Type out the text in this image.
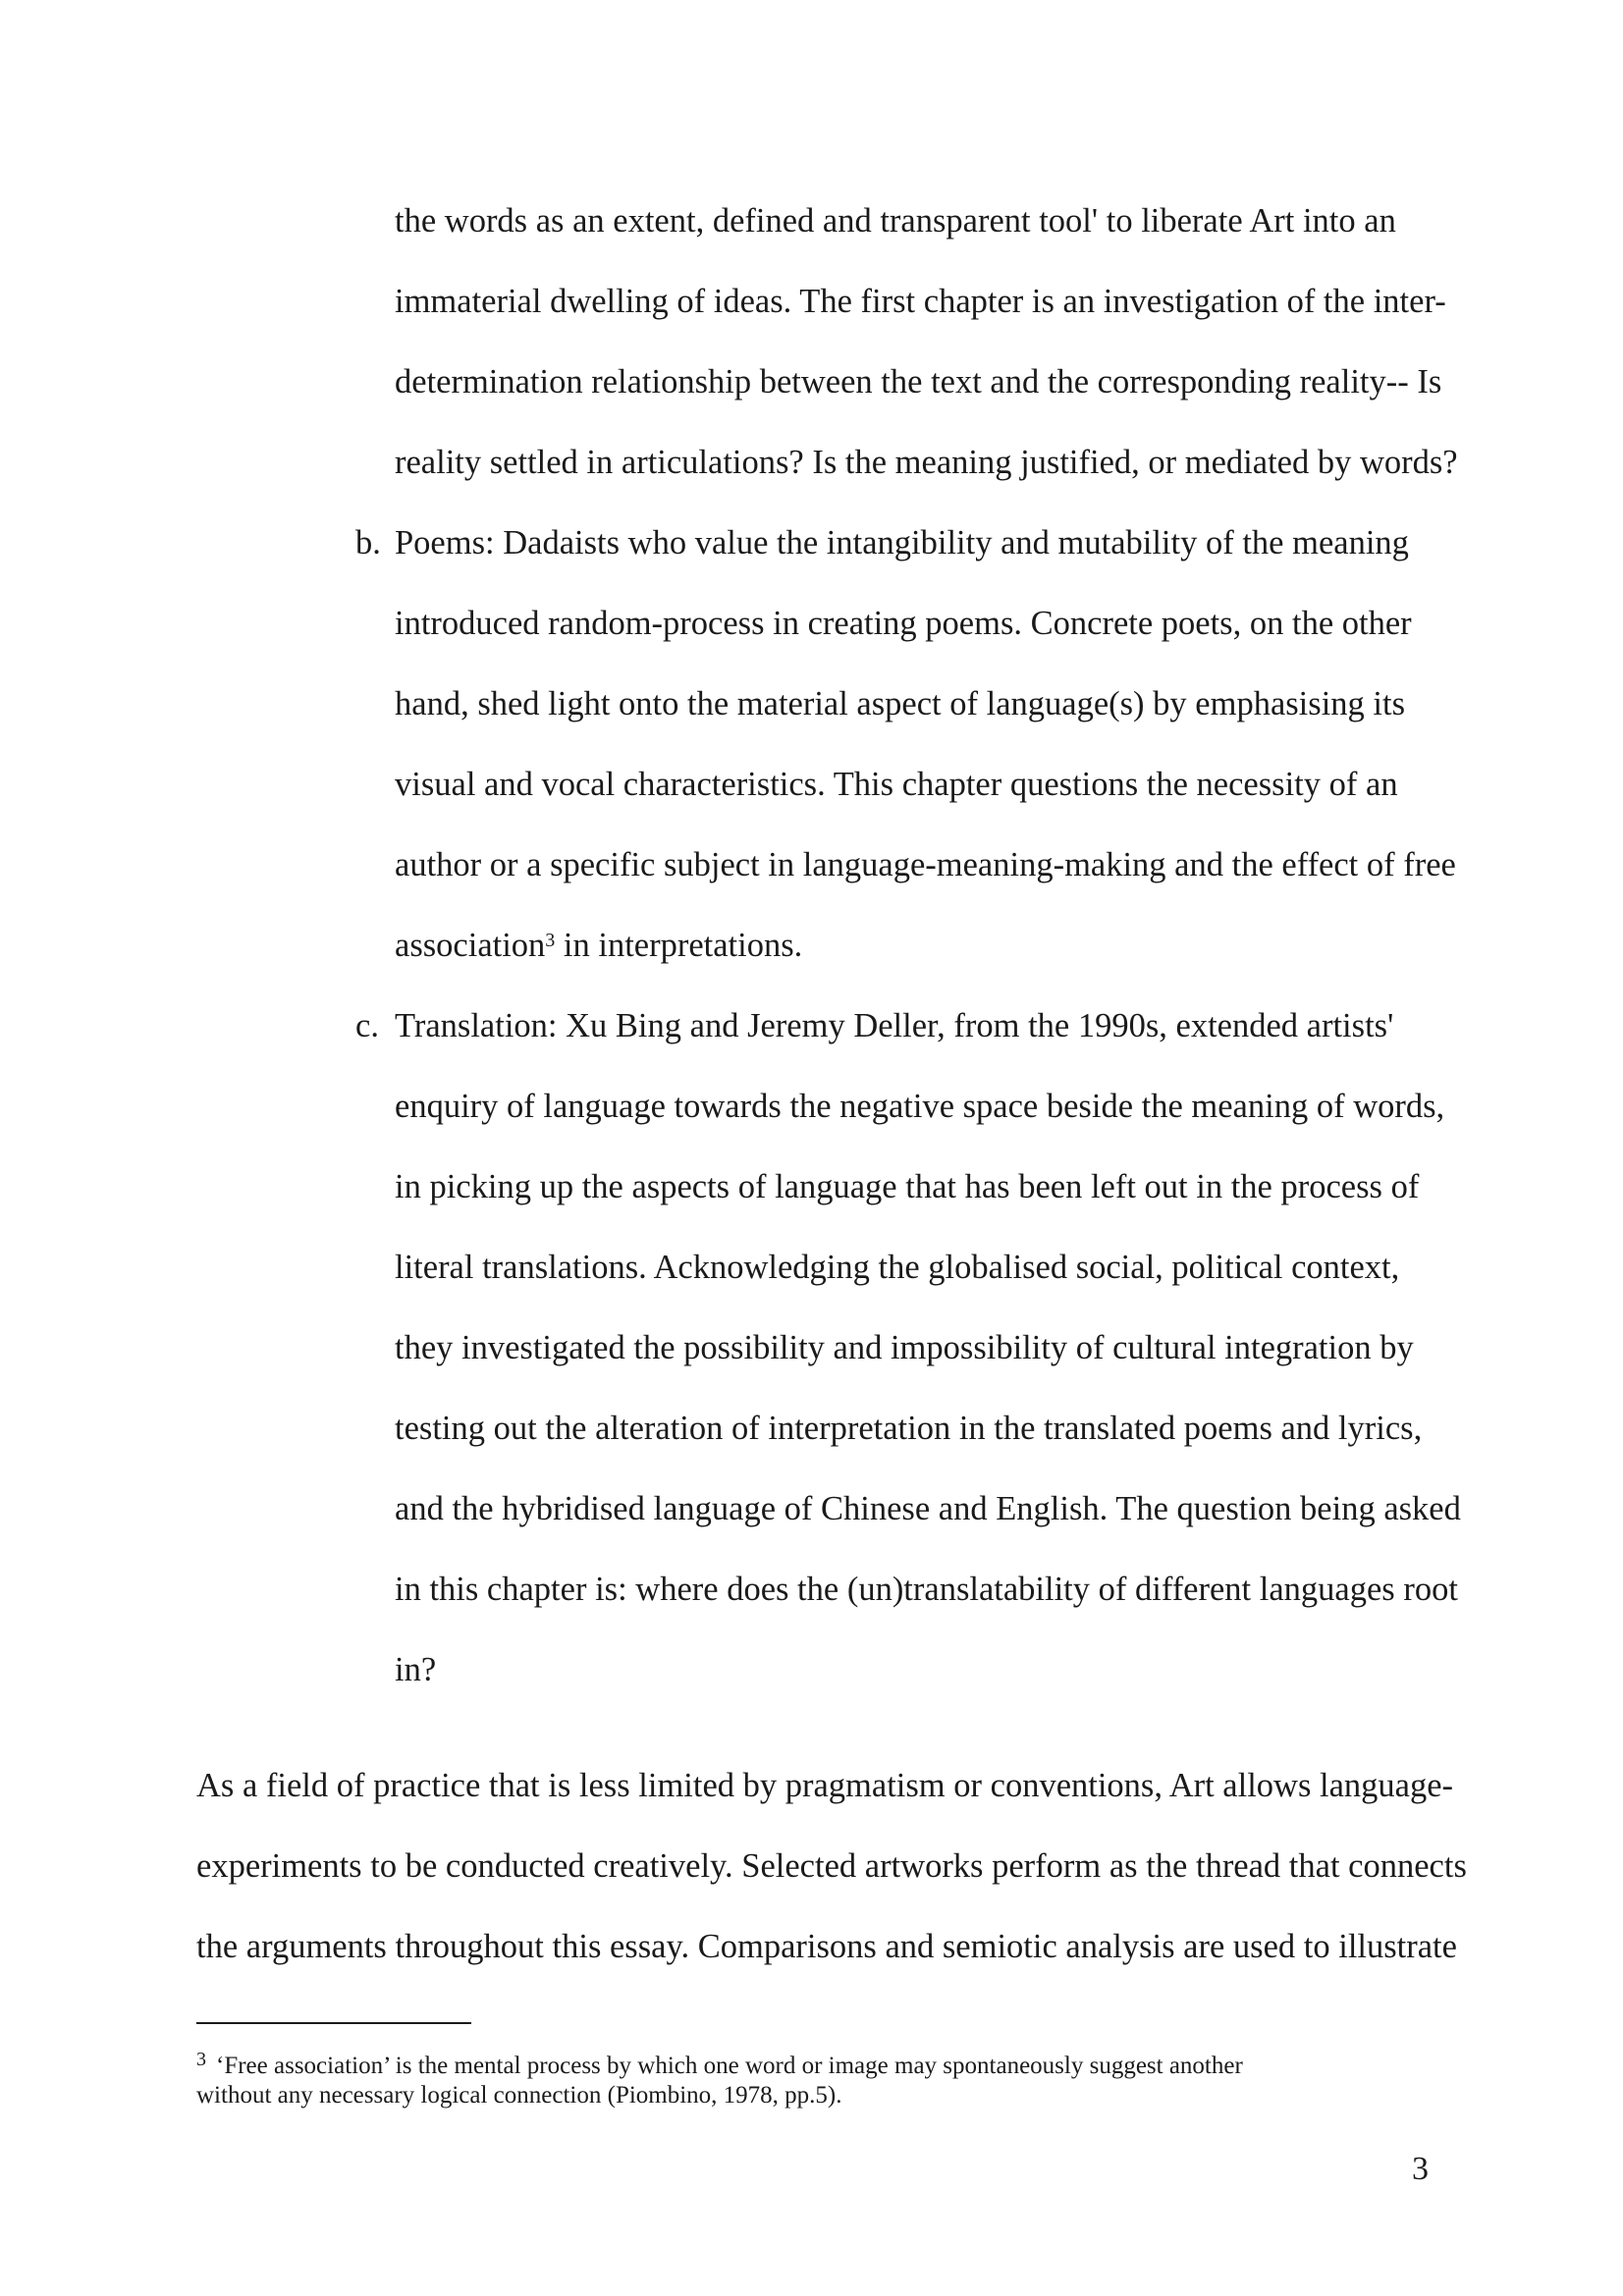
the words as an extent, defined and transparent tool' to liberate Art into an
immaterial dwelling of ideas. The first chapter is an investigation of the inter-
determination relationship between the text and the corresponding reality-- Is
reality settled in articulations? Is the meaning justified, or mediated by words?
b. Poems: Dadaists who value the intangibility and mutability of the meaning
introduced random-process in creating poems. Concrete poets, on the other
hand, shed light onto the material aspect of language(s) by emphasising its
visual and vocal characteristics. This chapter questions the necessity of an
author or a specific subject in language-meaning-making and the effect of free
association$^3$ in interpretations.
c. Translation: Xu Bing and Jeremy Deller, from the 1990s, extended artists'
enquiry of language towards the negative space beside the meaning of words,
in picking up the aspects of language that has been left out in the process of
literal translations. Acknowledging the globalised social, political context,
they investigated the possibility and impossibility of cultural integration by
testing out the alteration of interpretation in the translated poems and lyrics,
and the hybridised language of Chinese and English. The question being asked
in this chapter is: where does the (un)translatability of different languages root
in?
As a field of practice that is less limited by pragmatism or conventions, Art allows language-
experiments to be conducted creatively. Selected artworks perform as the thread that connects
the arguments throughout this essay. Comparisons and semiotic analysis are used to illustrate
3 ‘Free association’ is the mental process by which one word or image may spontaneously suggest another
without any necessary logical connection (Piombino, 1978, pp.5).
3
